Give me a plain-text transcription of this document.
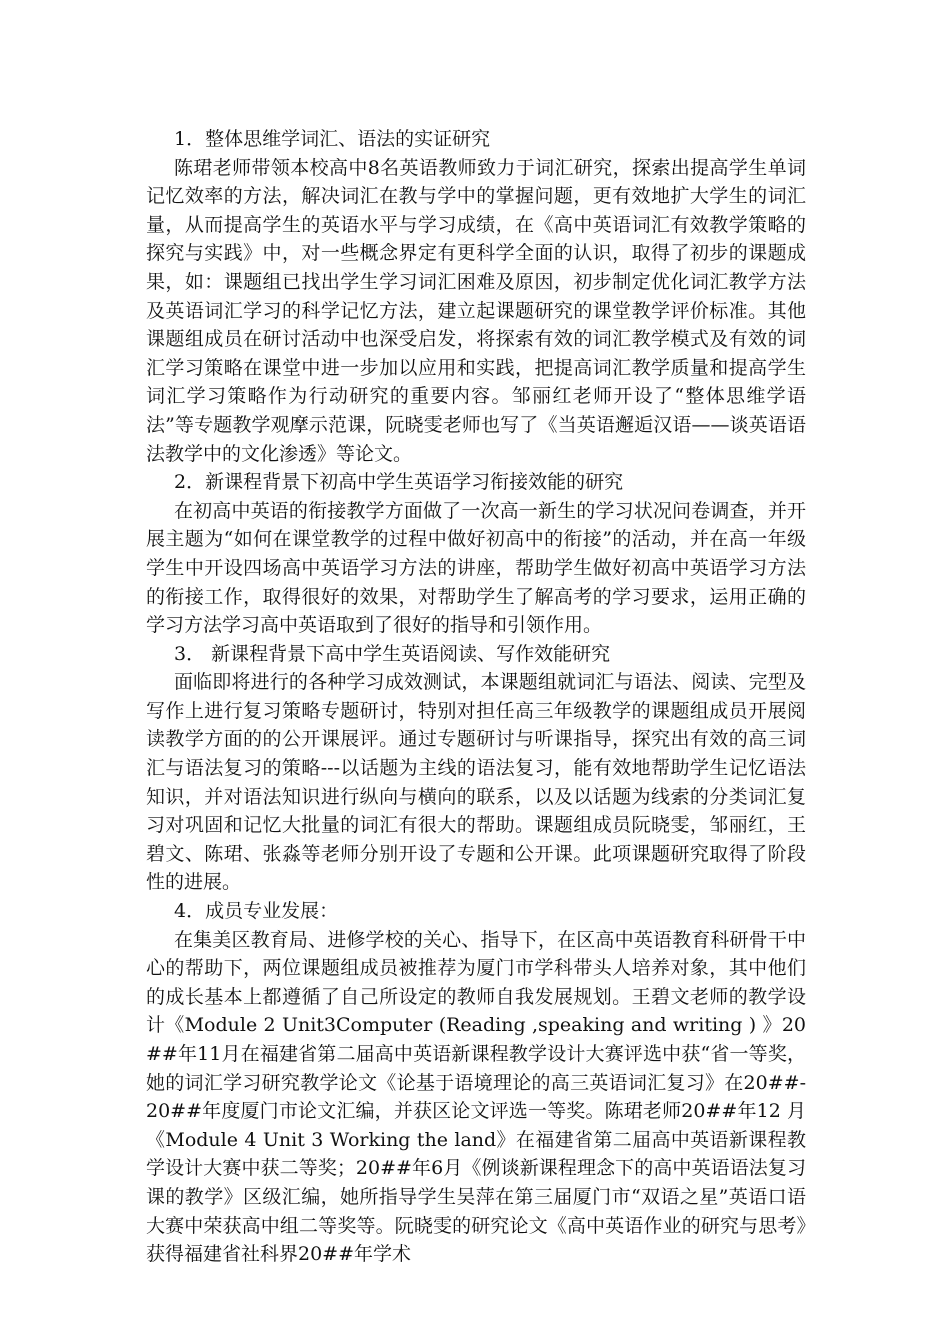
1．整体思维学词汇、语法的实证研究

陈珺老师带领本校高中8名英语教师致力于词汇研究，探索出提高学生单词记忆效率的方法，解决词汇在教与学中的掌握问题，更有效地扩大学生的词汇量，从而提高学生的英语水平与学习成绩，在《高中英语词汇有效教学策略的探究与实践》中，对一些概念界定有更科学全面的认识，取得了初步的课题成果，如：课题组已找出学生学习词汇困难及原因，初步制定优化词汇教学方法及英语词汇学习的科学记忆方法，建立起课题研究的课堂教学评价标准。其他课题组成员在研讨活动中也深受启发，将探索有效的词汇教学模式及有效的词汇学习策略在课堂中进一步加以应用和实践，把提高词汇教学质量和提高学生词汇学习策略作为行动研究的重要内容。邹丽红老师开设了“整体思维学语法”等专题教学观摩示范课，阮晓雯老师也写了《当英语邂逅汉语——谈英语语法教学中的文化渗透》等论文。

2．新课程背景下初高中学生英语学习衔接效能的研究

在初高中英语的衔接教学方面做了一次高一新生的学习状况问卷调查，并开展主题为“如何在课堂教学的过程中做好初高中的衔接”的活动，并在高一年级学生中开设四场高中英语学习方法的讲座，帮助学生做好初高中英语学习方法的衔接工作，取得很好的效果，对帮助学生了解高考的学习要求，运用正确的学习方法学习高中英语取到了很好的指导和引领作用。

3． 新课程背景下高中学生英语阅读、写作效能研究

面临即将进行的各种学习成效测试，本课题组就词汇与语法、阅读、完型及写作上进行复习策略专题研讨，特别对担任高三年级教学的课题组成员开展阅读教学方面的的公开课展评。通过专题研讨与听课指导，探究出有效的高三词汇与语法复习的策略---以话题为主线的语法复习，能有效地帮助学生记忆语法知识，并对语法知识进行纵向与横向的联系，以及以话题为线索的分类词汇复习对巩固和记忆大批量的词汇有很大的帮助。课题组成员阮晓雯，邹丽红，王碧文、陈珺、张淼等老师分别开设了专题和公开课。此项课题研究取得了阶段性的进展。

4．成员专业发展：

在集美区教育局、进修学校的关心、指导下，在区高中英语教育科研骨干中心的帮助下，两位课题组成员被推荐为厦门市学科带头人培养对象，其中他们的成长基本上都遵循了自己所设定的教师自我发展规划。王碧文老师的教学设计《Module 2 Unit3Computer (Reading ,speaking and writing ) 》20##年11月在福建省第二届高中英语新课程教学设计大赛评选中获“省一等奖，她的词汇学习研究教学论文《论基于语境理论的高三英语词汇复习》在20##-20##年度厦门市论文汇编，并获区论文评选一等奖。陈珺老师20##年12 月《Module 4 Unit 3 Working the land》在福建省第二届高中英语新课程教学设计大赛中获二等奖；20##年6月《例谈新课程理念下的高中英语语法复习课的教学》区级汇编，她所指导学生吴萍在第三届厦门市“双语之星”英语口语大赛中荣获高中组二等奖等。阮晓雯的研究论文《高中英语作业的研究与思考》获得福建省社科界20##年学术
